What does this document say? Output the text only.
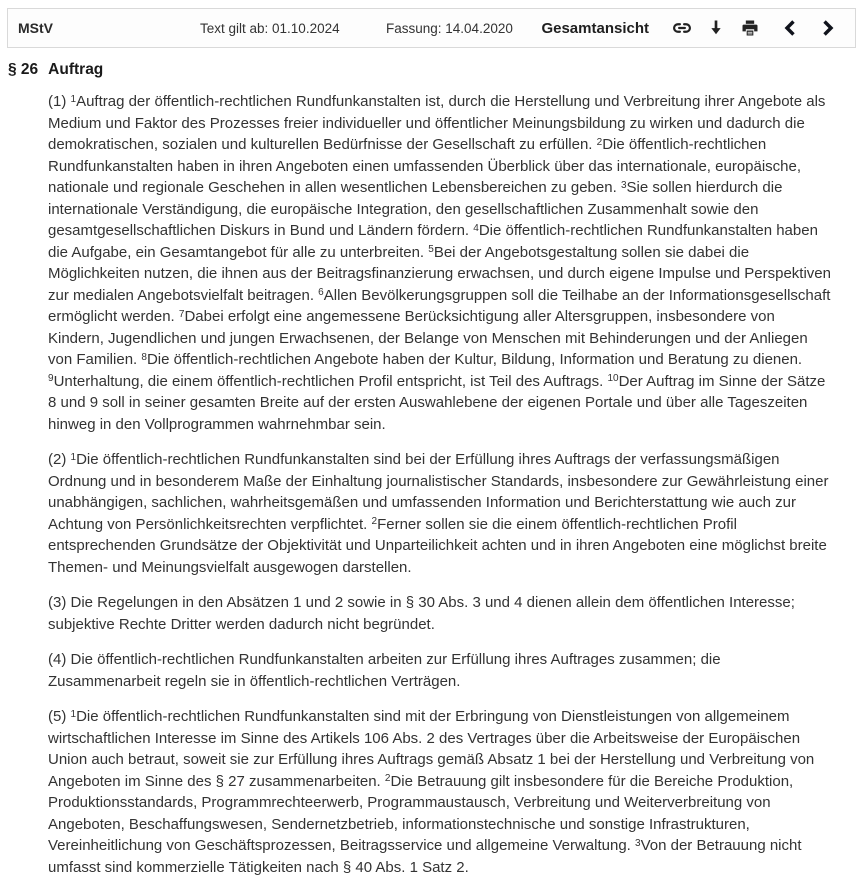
MStV	Text gilt ab: 01.10.2024	Fassung: 14.04.2020 Gesamtansicht
§ 26 Auftrag

(1) $^1$Auftrag der öffentlich-rechtlichen Rundfunkanstalten ist, durch die Herstellung und Verbreitung ihrer Angebote als Medium und Faktor des Prozesses freier individueller und öffentlicher Meinungsbildung zu wirken und dadurch die demokratischen, sozialen und kulturellen Bedürfnisse der Gesellschaft zu erfüllen. $^2$Die öffentlich-rechtlichen Rundfunkanstalten haben in ihren Angeboten einen umfassenden Überblick über das internationale, europäische, nationale und regionale Geschehen in allen wesentlichen Lebensbereichen zu geben. $^3$Sie sollen hierdurch die internationale Verständigung, die europäische Integration, den gesellschaftlichen Zusammenhalt sowie den gesamtgesellschaftlichen Diskurs in Bund und Ländern fördern. $^4$Die öffentlich-rechtlichen Rundfunkanstalten haben die Aufgabe, ein Gesamtangebot für alle zu unterbreiten. $^5$Bei der Angebotsgestaltung sollen sie dabei die Möglichkeiten nutzen, die ihnen aus der Beitragsfinanzierung erwachsen, und durch eigene Impulse und Perspektiven zur medialen Angebotsvielfalt beitragen. $^6$Allen Bevölkerungsgruppen soll die Teilhabe an der Informationsgesellschaft ermöglicht werden. $^7$Dabei erfolgt eine angemessene Berücksichtigung aller Altersgruppen, insbesondere von Kindern, Jugendlichen und jungen Erwachsenen, der Belange von Menschen mit Behinderungen und der Anliegen von Familien. $^8$Die öffentlich-rechtlichen Angebote haben der Kultur, Bildung, Information und Beratung zu dienen. $^9$Unterhaltung, die einem öffentlich-rechtlichen Profil entspricht, ist Teil des Auftrags. $^{10}$Der Auftrag im Sinne der Sätze 8 und 9 soll in seiner gesamten Breite auf der ersten Auswahlebene der eigenen Portale und über alle Tageszeiten hinweg in den Vollprogrammen wahrnehmbar sein.

(2) $^1$Die öffentlich-rechtlichen Rundfunkanstalten sind bei der Erfüllung ihres Auftrags der verfassungsmäßigen Ordnung und in besonderem Maße der Einhaltung journalistischer Standards, insbesondere zur Gewährleistung einer unabhängigen, sachlichen, wahrheitsgemäßen und umfassenden Information und Berichterstattung wie auch zur Achtung von Persönlichkeitsrechten verpflichtet. $^2$Ferner sollen sie die einem öffentlich-rechtlichen Profil entsprechenden Grundsätze der Objektivität und Unparteilichkeit achten und in ihren Angeboten eine möglichst breite Themen- und Meinungsvielfalt ausgewogen darstellen.

(3) Die Regelungen in den Absätzen 1 und 2 sowie in § 30 Abs. 3 und 4 dienen allein dem öffentlichen Interesse; subjektive Rechte Dritter werden dadurch nicht begründet.

(4) Die öffentlich-rechtlichen Rundfunkanstalten arbeiten zur Erfüllung ihres Auftrages zusammen; die Zusammenarbeit regeln sie in öffentlich-rechtlichen Verträgen.

(5) $^1$Die öffentlich-rechtlichen Rundfunkanstalten sind mit der Erbringung von Dienstleistungen von allgemeinem wirtschaftlichen Interesse im Sinne des Artikels 106 Abs. 2 des Vertrages über die Arbeitsweise der Europäischen Union auch betraut, soweit sie zur Erfüllung ihres Auftrags gemäß Absatz 1 bei der Herstellung und Verbreitung von Angeboten im Sinne des § 27 zusammenarbeiten. $^2$Die Betrauung gilt insbesondere für die Bereiche Produktion, Produktionsstandards, Programmrechteerwerb, Programmaustausch, Verbreitung und Weiterverbreitung von Angeboten, Beschaffungswesen, Sendernetzbetrieb, informationstechnische und sonstige Infrastrukturen, Vereinheitlichung von Geschäftsprozessen, Beitragsservice und allgemeine Verwaltung. $^3$Von der Betrauung nicht umfasst sind kommerzielle Tätigkeiten nach § 40 Abs. 1 Satz 2.
